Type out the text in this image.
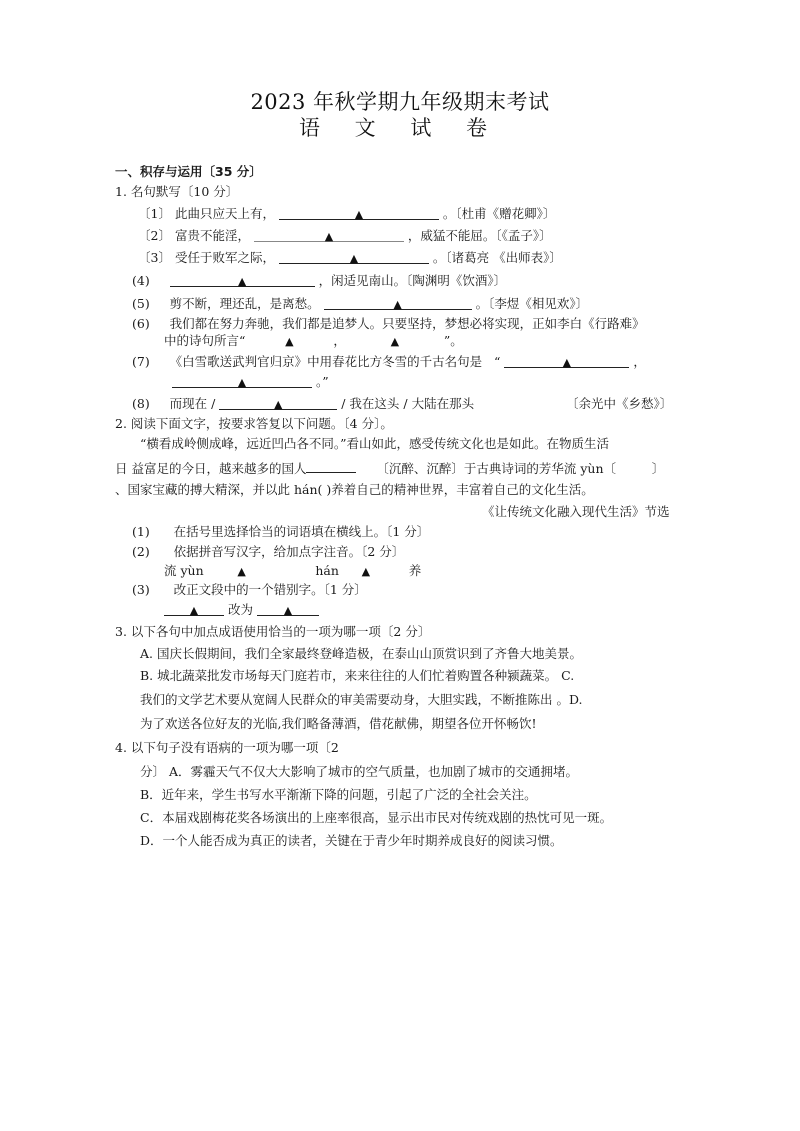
2023 年秋学期九年级期末考试
语 文 试 卷
一、积存与运用〔35 分〕
1. 名句默写〔10 分〕
〔1〕 此曲只应天上有，	▲	。〔杜甫《赠花卿》〕
〔2〕 富贵不能淫，	▲	，威猛不能屈。〔《孟子》〕
〔3〕 受任于败军之际，	▲	。〔诸葛亮 《出师表》〕
(4)	▲	，闲适见南山。〔陶渊明《饮酒》〕
(5) 剪不断，理还乱，是离愁。	▲	。〔李煜《相见欢》〕
(6) 我们都在努力奔驰，我们都是追梦人。只要坚持，梦想必将实现，正如李白《行路难》
中的诗句所言“	▲	，	▲	”。
(7) 《白雪歌送武判官归京》中用春花比方冬雪的千古名句是 “	▲	，
▲	。”
(8) 而现在 /	▲	/ 我在这头 / 大陆在那头	〔余光中《乡愁》〕
2. 阅读下面文字，按要求答复以下问题。〔4 分〕。
“横看成岭侧成峰，远近凹凸各不同。”看山如此，感受传统文化也是如此。在物质生活
日 益富足的今日，越来越多的国人	〔沉醉、沉醉〕于古典诗词的芳华流 yùn〔	〕
、国家宝藏的搏大精深，并以此 hán( )养着自己的精神世界，丰富着自己的文化生活。
《让传统文化融入现代生活》节选
(1) 在括号里选择恰当的词语填在横线上。〔1 分〕
(2) 依据拼音写汉字，给加点字注音。〔2 分〕
流 yùn	▲	hán ▲	养
(3) 改正文段中的一个错别字。〔1 分〕
▲ 改为	▲
3. 以下各句中加点成语使用恰当的一项为哪一项〔2 分〕
A. 国庆长假期间，我们全家最终登峰造极，在泰山山顶赏识到了齐鲁大地美景。
B. 城北蔬菜批发市场每天门庭若市，来来往往的人们忙着购置各种颍蔬菜。 C.
我们的文学艺术要从宽阔人民群众的审美需要动身，大胆实践，不断推陈出 。D.
为了欢送各位好友的光临,我们略备薄酒，借花献佛，期望各位开怀畅饮!
4. 以下句子没有语病的一项为哪一项〔2
分〕 A．雾霾天气不仅大大影响了城市的空气质量，也加剧了城市的交通拥堵。
B．近年来，学生书写水平渐渐下降的问题，引起了广泛的全社会关注。
C．本届戏剧梅花奖各场演出的上座率很高，显示出市民对传统戏剧的热忱可见一斑。
D．一个人能否成为真正的读者，关键在于青少年时期养成良好的阅读习惯。
